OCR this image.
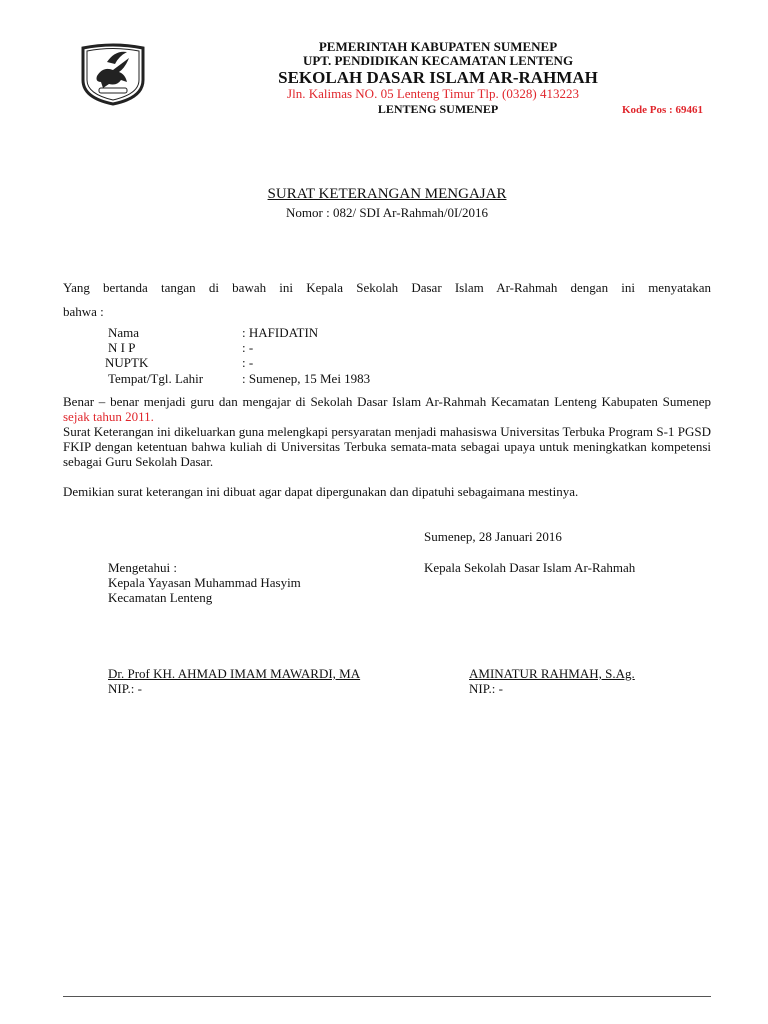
PEMERINTAH KABUPATEN SUMENEP
UPT. PENDIDIKAN KECAMATAN LENTENG
SEKOLAH DASAR ISLAM AR-RAHMAH
Jln. Kalimas NO. 05 Lenteng Timur Tlp. (0328) 413223
LENTENG SUMENEP	Kode Pos : 69461
SURAT KETERANGAN MENGAJAR
Nomor : 082/ SDI Ar-Rahmah/0I/2016
Yang bertanda tangan di bawah ini Kepala Sekolah Dasar Islam Ar-Rahmah dengan ini menyatakan
bahwa :
Nama	: HAFIDATIN
N I P	: -
NUPTK	: -
Tempat/Tgl. Lahir	: Sumenep, 15 Mei 1983

Benar – benar menjadi guru dan mengajar di Sekolah Dasar Islam Ar-Rahmah Kecamatan Lenteng Kabupaten Sumenep sejak tahun 2011.

Surat Keterangan ini dikeluarkan guna melengkapi persyaratan menjadi mahasiswa Universitas Terbuka Program S-1 PGSD FKIP dengan ketentuan bahwa kuliah di Universitas Terbuka semata-mata sebagai upaya untuk meningkatkan kompetensi sebagai Guru Sekolah Dasar.

Demikian surat keterangan ini dibuat agar dapat dipergunakan dan dipatuhi sebagaimana mestinya.
Sumenep, 28 Januari 2016
Mengetahui :
Kepala Yayasan Muhammad Hasyim
Kecamatan Lenteng
Kepala Sekolah Dasar Islam Ar-Rahmah
Dr. Prof KH. AHMAD IMAM MAWARDI, MA
NIP.: -
AMINATUR RAHMAH, S.Ag.
NIP.: -
